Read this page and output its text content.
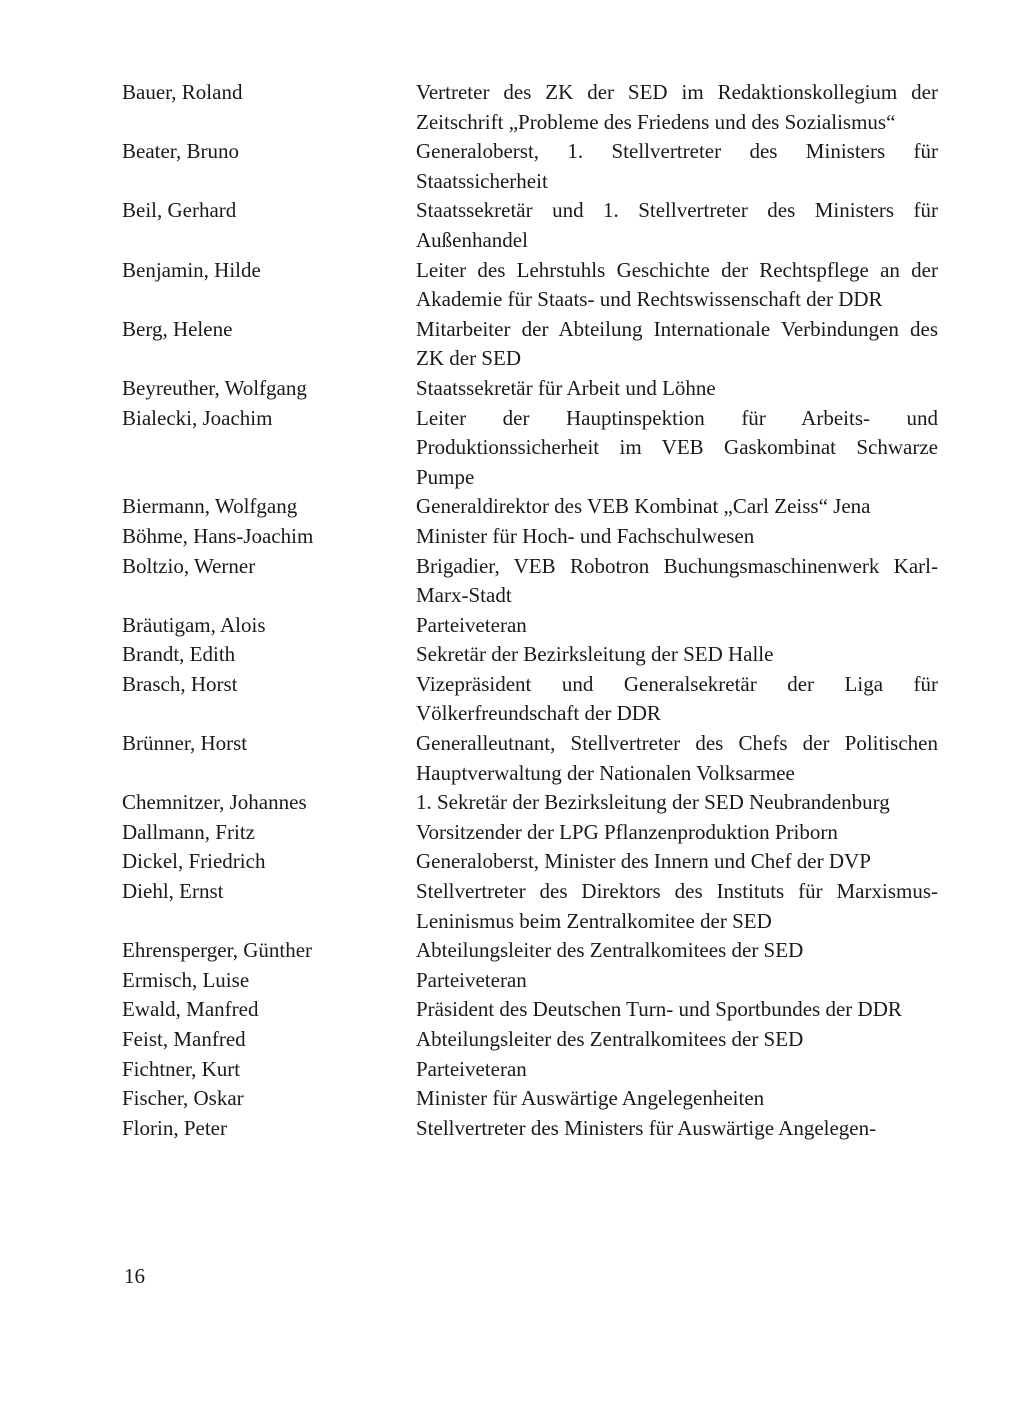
Bauer, Roland	Vertreter des ZK der SED im Redaktionskollegium der Zeitschrift „Probleme des Friedens und des Sozialismus“
Beater, Bruno	Generaloberst, 1. Stellvertreter des Ministers für Staatssicherheit
Beil, Gerhard	Staatssekretär und 1. Stellvertreter des Ministers für Außenhandel
Benjamin, Hilde	Leiter des Lehrstuhls Geschichte der Rechtspflege an der Akademie für Staats- und Rechtswissenschaft der DDR
Berg, Helene	Mitarbeiter der Abteilung Internationale Verbindungen des ZK der SED
Beyreuther, Wolfgang	Staatssekretär für Arbeit und Löhne
Bialecki, Joachim	Leiter der Hauptinspektion für Arbeits- und Produktionssicherheit im VEB Gaskombinat Schwarze Pumpe
Biermann, Wolfgang	Generaldirektor des VEB Kombinat „Carl Zeiss“ Jena
Böhme, Hans-Joachim	Minister für Hoch- und Fachschulwesen
Boltzio, Werner	Brigadier, VEB Robotron Buchungsmaschinenwerk Karl-Marx-Stadt
Bräutigam, Alois	Parteiveteran
Brandt, Edith	Sekretär der Bezirksleitung der SED Halle
Brasch, Horst	Vizepräsident und Generalsekretär der Liga für Völkerfreundschaft der DDR
Brünner, Horst	Generalleutnant, Stellvertreter des Chefs der Politischen Hauptverwaltung der Nationalen Volksarmee
Chemnitzer, Johannes	1. Sekretär der Bezirksleitung der SED Neubrandenburg
Dallmann, Fritz	Vorsitzender der LPG Pflanzenproduktion Priborn
Dickel, Friedrich	Generaloberst, Minister des Innern und Chef der DVP
Diehl, Ernst	Stellvertreter des Direktors des Instituts für Marxismus-Leninismus beim Zentralkomitee der SED
Ehrensperger, Günther	Abteilungsleiter des Zentralkomitees der SED
Ermisch, Luise	Parteiveteran
Ewald, Manfred	Präsident des Deutschen Turn- und Sportbundes der DDR
Feist, Manfred	Abteilungsleiter des Zentralkomitees der SED
Fichtner, Kurt	Parteiveteran
Fischer, Oskar	Minister für Auswärtige Angelegenheiten
Florin, Peter	Stellvertreter des Ministers für Auswärtige Angelegen-
16
